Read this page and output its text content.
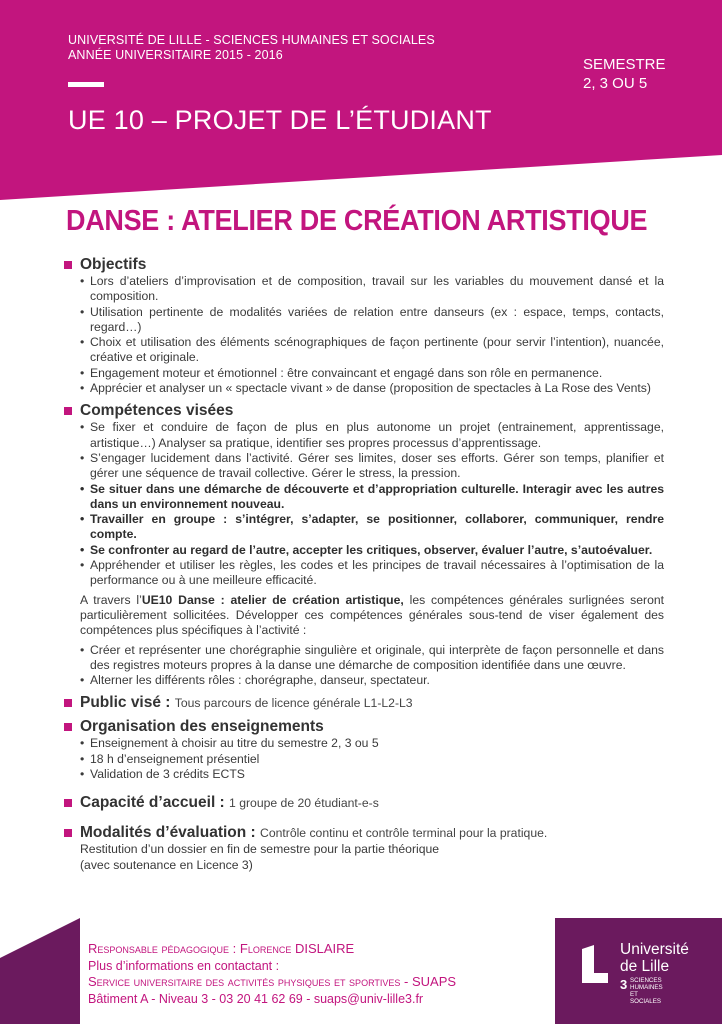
UNIVERSITÉ DE LILLE - SCIENCES HUMAINES ET SOCIALES
ANNÉE UNIVERSITAIRE 2015 - 2016
SEMESTRE
2, 3 OU 5
UE 10 – PROJET DE L’ÉTUDIANT
DANSE : ATELIER DE CRÉATION ARTISTIQUE
Objectifs
• Lors d’ateliers d’improvisation et de composition, travail sur les variables du mouvement dansé et la composition.
• Utilisation pertinente de modalités variées de relation entre danseurs (ex : espace, temps, contacts, regard…)
• Choix et utilisation des éléments scénographiques de façon pertinente (pour servir l’intention), nuancée, créative et originale.
• Engagement moteur et émotionnel : être convaincant et engagé dans son rôle en permanence.
• Apprécier et analyser un « spectacle vivant » de danse (proposition de spectacles à La Rose des Vents)
Compétences visées
• Se fixer et conduire de façon de plus en plus autonome un projet (entrainement, apprentissage, artistique…) Analyser sa pratique, identifier ses propres processus d’apprentissage.
• S’engager lucidement dans l’activité. Gérer ses limites, doser ses efforts. Gérer son temps, planifier et gérer une séquence de travail collective. Gérer le stress, la pression.
• Se situer dans une démarche de découverte et d’appropriation culturelle. Interagir avec les autres dans un environnement nouveau.
• Travailler en groupe : s’intégrer, s’adapter, se positionner, collaborer, communiquer, rendre compte.
• Se confronter au regard de l’autre, accepter les critiques, observer, évaluer l’autre, s’autoévaluer.
• Appréhender et utiliser les règles, les codes et les principes de travail nécessaires à l’optimisation de la performance ou à une meilleure efficacité.
A travers l’UE10 Danse : atelier de création artistique, les compétences générales surlignées seront particulièrement sollicitées. Développer ces compétences générales sous-tend de viser également des compétences plus spécifiques à l’activité :
• Créer et représenter une chorégraphie singulière et originale, qui interprète de façon personnelle et dans des registres moteurs propres à la danse une démarche de composition identifiée dans une œuvre.
• Alterner les différents rôles : chorégraphe, danseur, spectateur.
Public visé : Tous parcours de licence générale L1-L2-L3
Organisation des enseignements
• Enseignement à choisir au titre du semestre 2, 3 ou 5
• 18 h d’enseignement présentiel
• Validation de 3 crédits ECTS
Capacité d’accueil : 1 groupe de 20 étudiant-e-s
Modalités d’évaluation : Contrôle continu et contrôle terminal pour la pratique.
Restitution d’un dossier en fin de semestre pour la partie théorique
(avec soutenance en Licence 3)
Responsable pédagogique : Florence DISLAIRE
Plus d’informations en contactant :
Service universitaire des activités physiques et sportives - SUAPS
Bâtiment A - Niveau 3 - 03 20 41 62 69 - suaps@univ-lille3.fr
Université
de Lille
3 SCIENCES HUMAINES
ET SOCIALES
